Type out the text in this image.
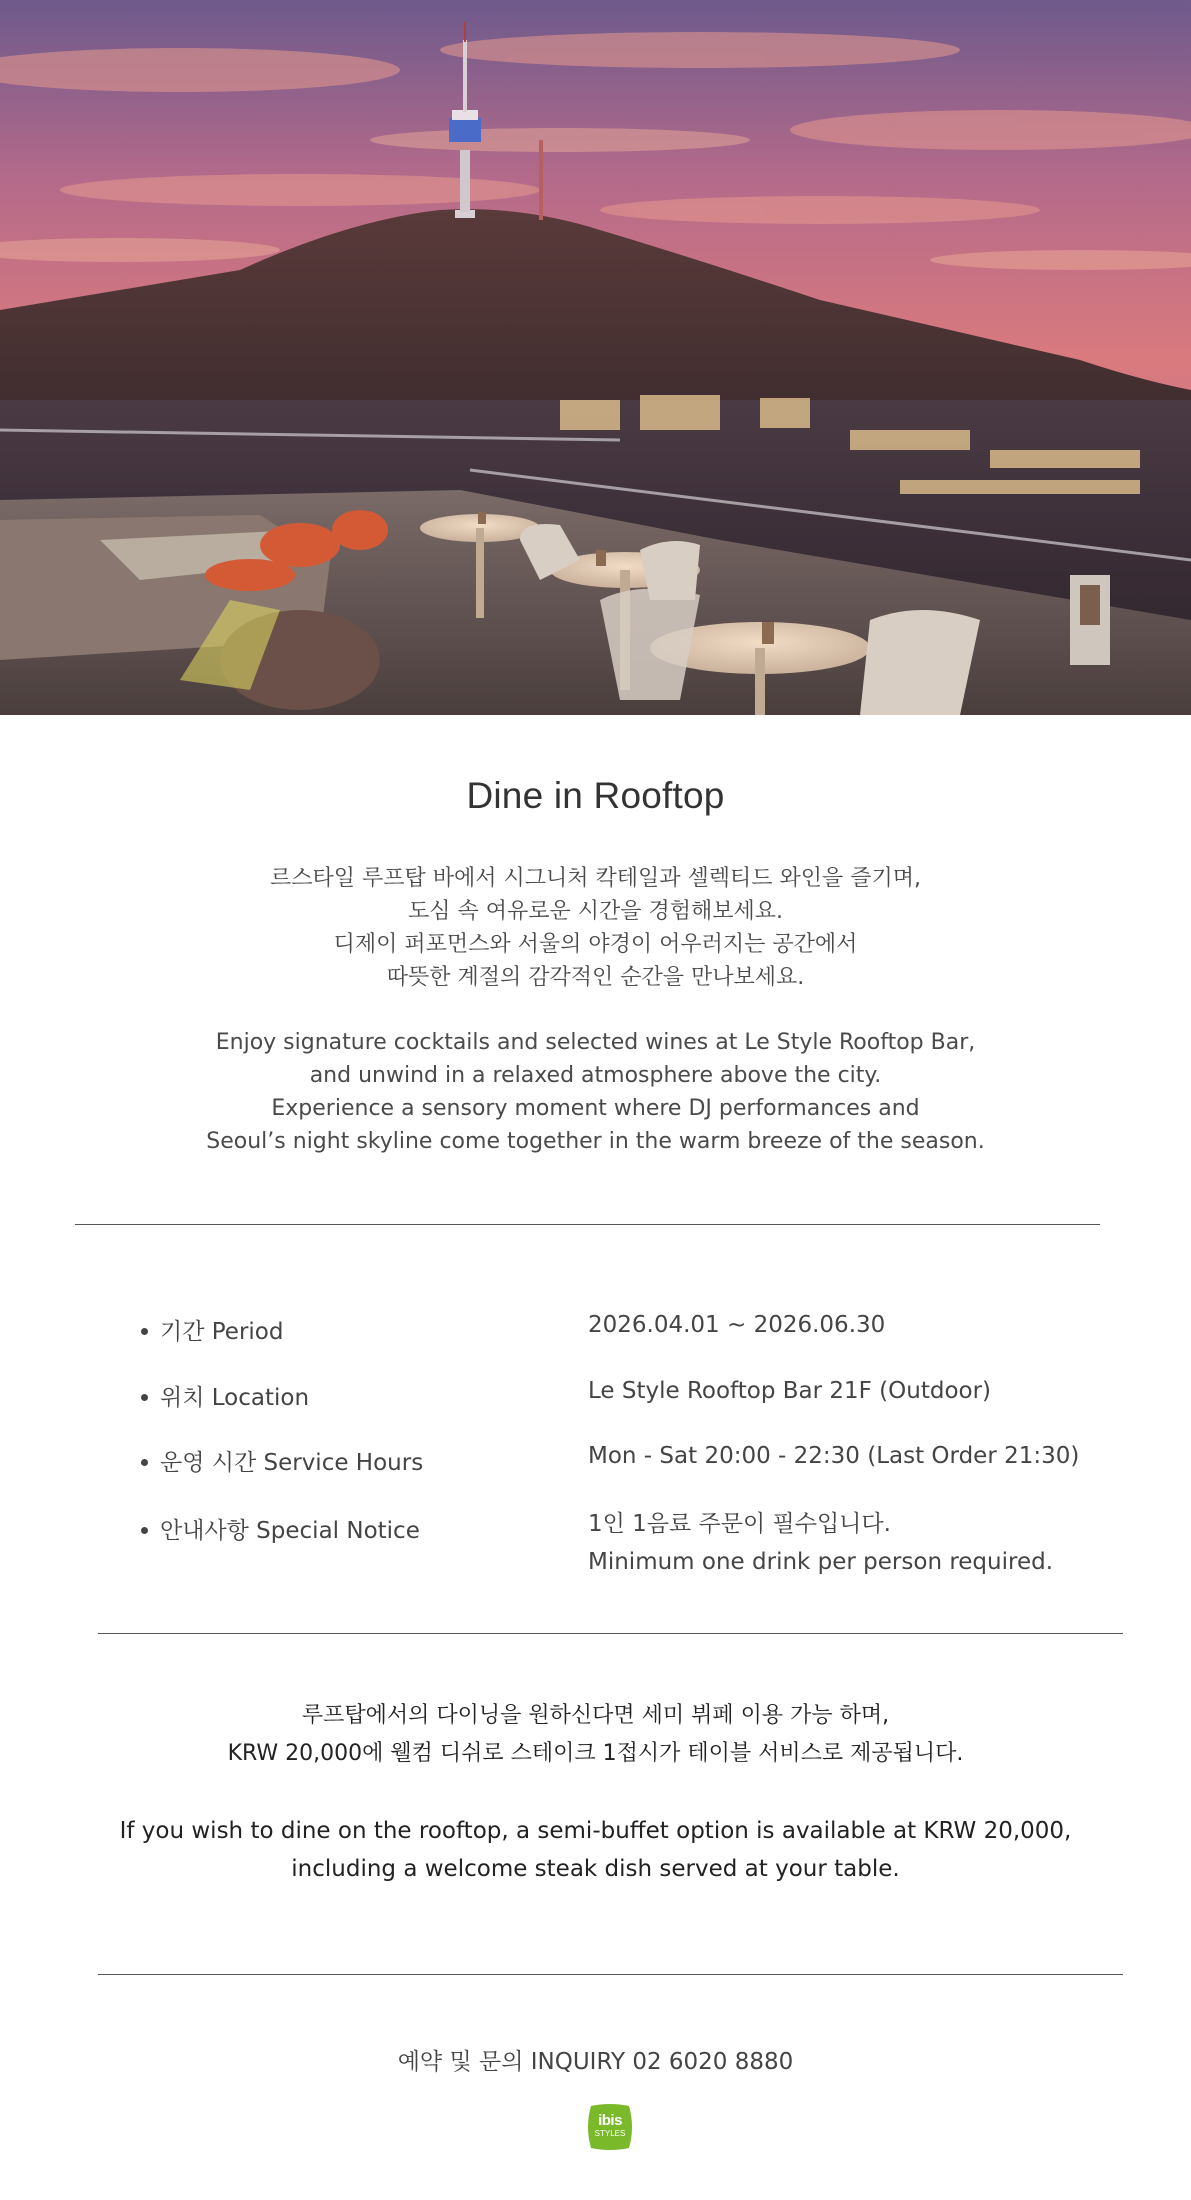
Dine in Rooftop

르스타일 루프탑 바에서 시그니처 칵테일과 셀렉티드 와인을 즐기며,

도심 속 여유로운 시간을 경험해보세요.

디제이 퍼포먼스와 서울의 야경이 어우러지는 공간에서

따뜻한 계절의 감각적인 순간을 만나보세요.

Enjoy signature cocktails and selected wines at Le Style Rooftop Bar,

and unwind in a relaxed atmosphere above the city.

Experience a sensory moment where DJ performances and

Seoul’s night skyline come together in the warm breeze of the season.

기간 Period	2026.04.01 ~ 2026.06.30
위치 Location	Le Style Rooftop Bar 21F (Outdoor)
운영 시간 Service Hours	Mon - Sat 20:00 - 22:30 (Last Order 21:30)
안내사항 Special Notice	1인 1음료 주문이 필수입니다.
Minimum one drink per person required.

루프탑에서의 다이닝을 원하신다면 세미 뷔페 이용 가능 하며,

KRW 20,000에 웰컴 디쉬로 스테이크 1접시가 테이블 서비스로 제공됩니다.

If you wish to dine on the rooftop, a semi-buffet option is available at KRW 20,000,

including a welcome steak dish served at your table.

예약 및 문의 INQUIRY 02 6020 8880
ibis
STYLES
